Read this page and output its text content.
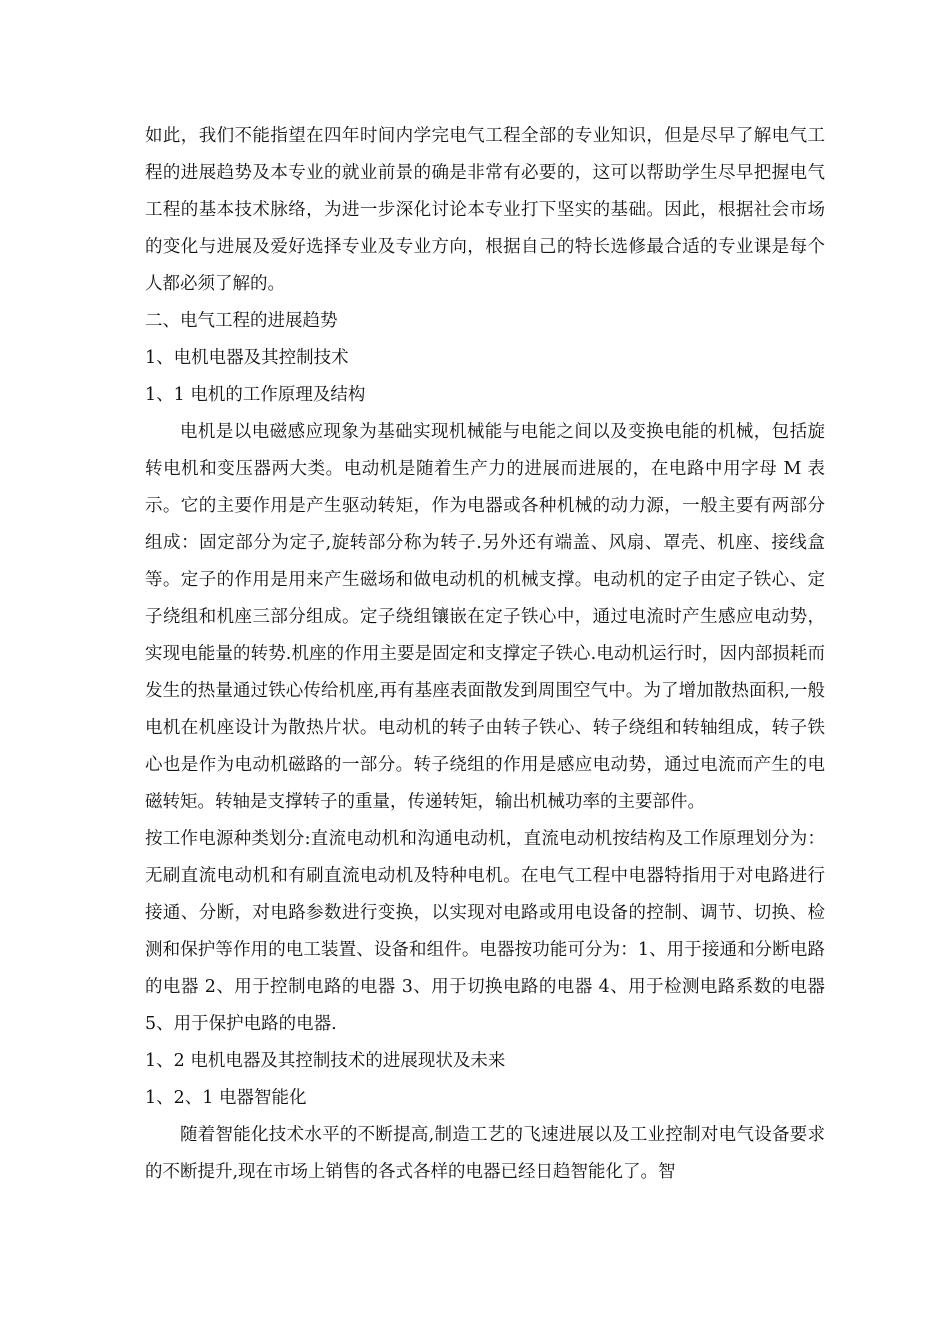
如此，我们不能指望在四年时间内学完电气工程全部的专业知识，但是尽早了解电气工程的进展趋势及本专业的就业前景的确是非常有必要的，这可以帮助学生尽早把握电气工程的基本技术脉络，为进一步深化讨论本专业打下坚实的基础。因此，根据社会市场的变化与进展及爱好选择专业及专业方向，根据自己的特长选修最合适的专业课是每个人都必须了解的。

二、电气工程的进展趋势

1、电机电器及其控制技术

1、1 电机的工作原理及结构

电机是以电磁感应现象为基础实现机械能与电能之间以及变换电能的机械，包括旋转电机和变压器两大类。电动机是随着生产力的进展而进展的，在电路中用字母 M 表示。它的主要作用是产生驱动转矩，作为电器或各种机械的动力源，一般主要有两部分组成：固定部分为定子,旋转部分称为转子.另外还有端盖、风扇、罩壳、机座、接线盒等。定子的作用是用来产生磁场和做电动机的机械支撑。电动机的定子由定子铁心、定子绕组和机座三部分组成。定子绕组镶嵌在定子铁心中，通过电流时产生感应电动势，实现电能量的转势.机座的作用主要是固定和支撑定子铁心.电动机运行时，因内部损耗而发生的热量通过铁心传给机座,再有基座表面散发到周围空气中。为了增加散热面积,一般电机在机座设计为散热片状。电动机的转子由转子铁心、转子绕组和转轴组成，转子铁心也是作为电动机磁路的一部分。转子绕组的作用是感应电动势，通过电流而产生的电磁转矩。转轴是支撑转子的重量，传递转矩，输出机械功率的主要部件。

按工作电源种类划分:直流电动机和沟通电动机，直流电动机按结构及工作原理划分为：无刷直流电动机和有刷直流电动机及特种电机。在电气工程中电器特指用于对电路进行接通、分断，对电路参数进行变换，以实现对电路或用电设备的控制、调节、切换、检测和保护等作用的电工装置、设备和组件。电器按功能可分为：1、用于接通和分断电路的电器 2、用于控制电路的电器 3、用于切换电路的电器 4、用于检测电路系数的电器 5、用于保护电路的电器.

1、2 电机电器及其控制技术的进展现状及未来

1、2、1 电器智能化

随着智能化技术水平的不断提高,制造工艺的飞速进展以及工业控制对电气设备要求的不断提升,现在市场上销售的各式各样的电器已经日趋智能化了。智
